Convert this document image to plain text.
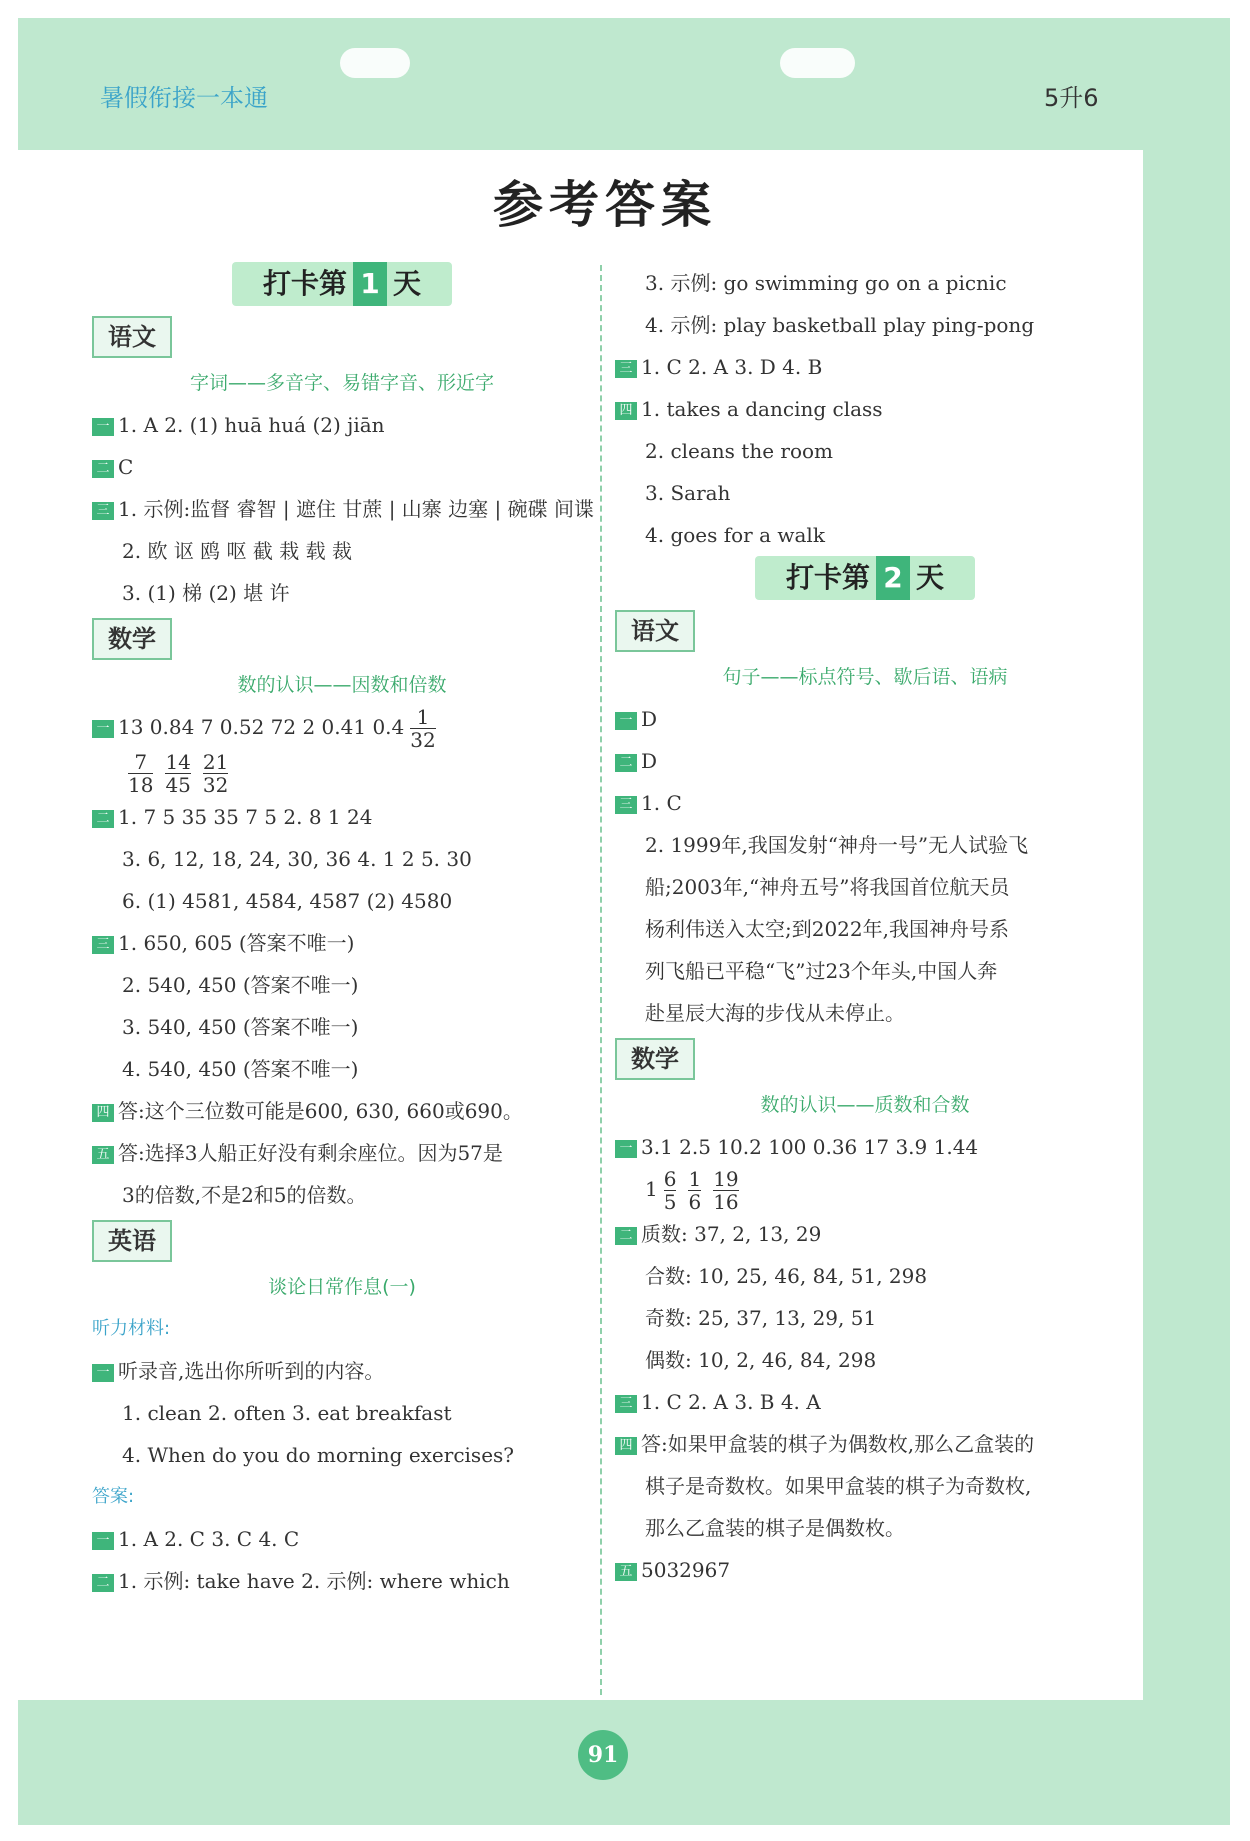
暑假衔接一本通	5升6
参考答案
打卡第 1 天
语文
字词——多音字、易错字音、形近字
一 1. A 2. (1) huā huá (2) jiān
二 C
三 1. 示例:监督 睿智 | 遮住 甘蔗 | 山寨 边塞 | 碗碟 间谍
2. 欧 讴 鸥 呕 截 栽 载 裁
3. (1) 梯 (2) 堪 许
数学
数的认识——因数和倍数
一 13 0.84 7 0.52 72 2 0.41 $0.4 \frac{1}{32}$
$\frac{7}{18} \frac{14}{45} \frac{21}{32}$
二 1. 7 5 35 35 7 5 2. 8 1 24
3. 6, 12, 18, 24, 30, 36 4. 1 2 5. 30
6. (1) 4581, 4584, 4587 (2) 4580
三 1. 650, 605 (答案不唯一)
2. 540, 450 (答案不唯一)
3. 540, 450 (答案不唯一)
4. 540, 450 (答案不唯一)
四 答:这个三位数可能是600, 630, 660或690。
五 答:选择3人船正好没有剩余座位。因为57是
3的倍数,不是2和5的倍数。
英语
谈论日常作息(一)
听力材料:
一 听录音,选出你所听到的内容。
1. clean 2. often 3. eat breakfast
4. When do you do morning exercises?
答案:
一 1. A 2. C 3. C 4. C
二 1. 示例: take have 2. 示例: where which
3. 示例: go swimming go on a picnic
4. 示例: play basketball play ping-pong
三 1. C 2. A 3. D 4. B
四 1. takes a dancing class
2. cleans the room
3. Sarah
4. goes for a walk
打卡第 2 天
语文
句子——标点符号、歇后语、语病
一 D
二 D
三 1. C
2. 1999年,我国发射“神舟一号”无人试验飞
船;2003年,“神舟五号”将我国首位航天员
杨利伟送入太空;到2022年,我国神舟号系
列飞船已平稳“飞”过23个年头,中国人奔
赴星辰大海的步伐从未停止。
数学
数的认识——质数和合数
一 3.1 2.5 10.2 100 0.36 17 3.9 1.44
$1 \frac{6}{5} \frac{1}{6} \frac{19}{16}$
二 质数: 37, 2, 13, 29
合数: 10, 25, 46, 84, 51, 298
奇数: 25, 37, 13, 29, 51
偶数: 10, 2, 46, 84, 298
三 1. C 2. A 3. B 4. A
四 答:如果甲盒装的棋子为偶数枚,那么乙盒装的
棋子是奇数枚。如果甲盒装的棋子为奇数枚,
那么乙盒装的棋子是偶数枚。
五 5032967
91
